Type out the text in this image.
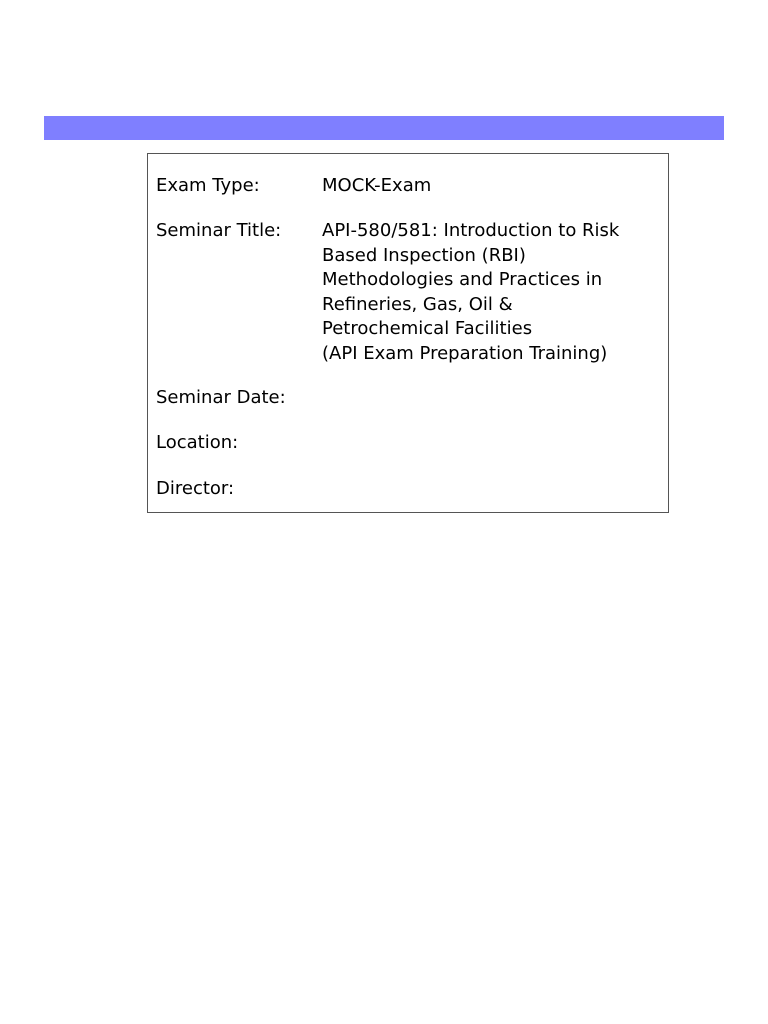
Exam Type:	MOCK-Exam
Seminar Title:	API-580/581: Introduction to Risk
Based Inspection (RBI)
Methodologies and Practices in
Refineries, Gas, Oil &
Petrochemical Facilities
(API Exam Preparation Training)
Seminar Date:
Location:
Director:
